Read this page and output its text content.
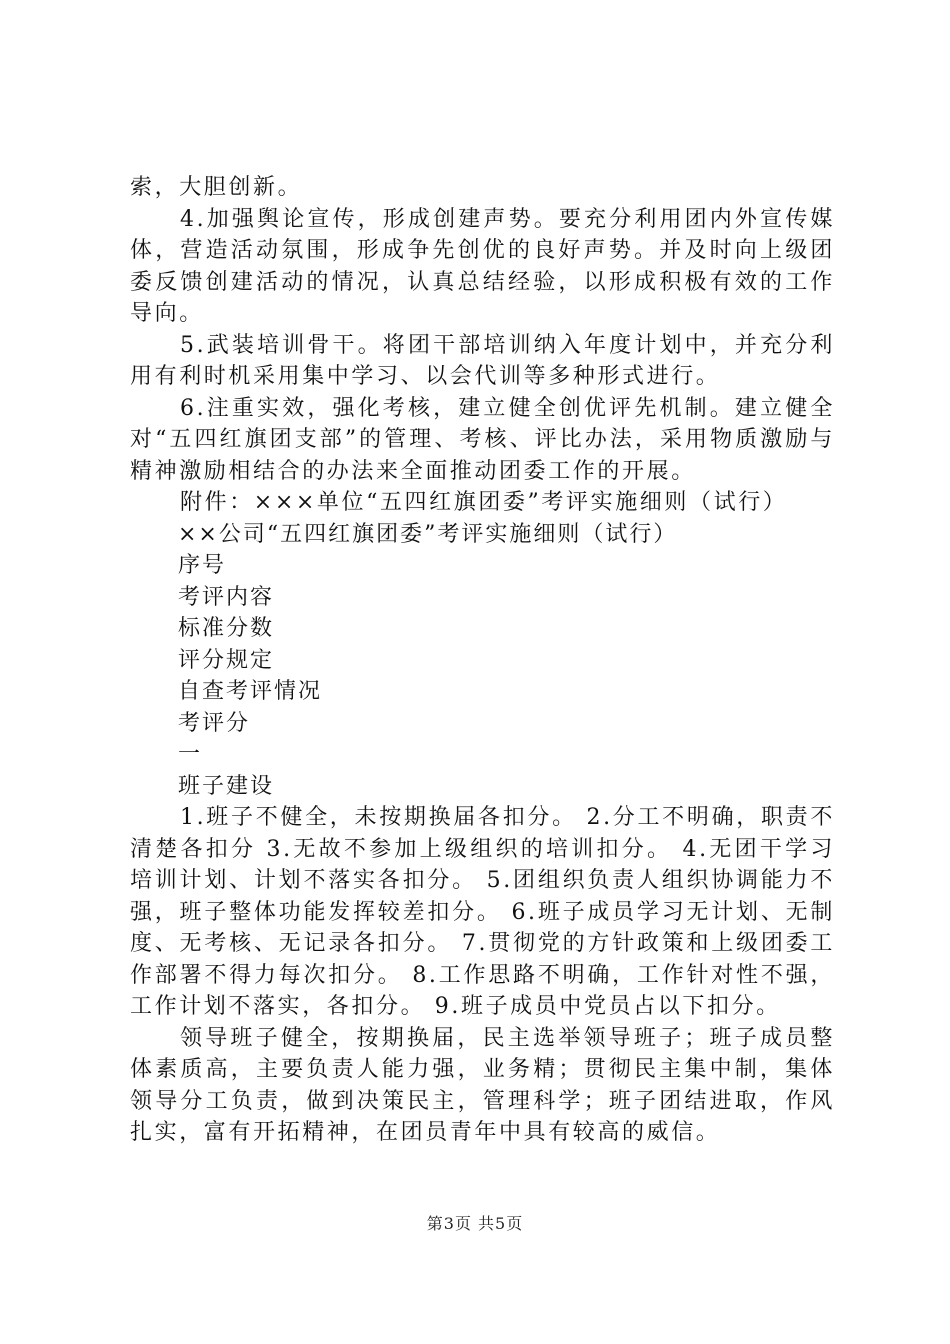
索，大胆创新。

4.加强舆论宣传，形成创建声势。要充分利用团内外宣传媒体，营造活动氛围，形成争先创优的良好声势。并及时向上级团委反馈创建活动的情况，认真总结经验，以形成积极有效的工作导向。

5.武装培训骨干。将团干部培训纳入年度计划中，并充分利用有利时机采用集中学习、以会代训等多种形式进行。

6.注重实效，强化考核，建立健全创优评先机制。建立健全对“五四红旗团支部”的管理、考核、评比办法，采用物质激励与精神激励相结合的办法来全面推动团委工作的开展。

附件：×××单位“五四红旗团委”考评实施细则（试行）

××公司“五四红旗团委”考评实施细则（试行）

序号

考评内容

标准分数

评分规定

自查考评情况

考评分

一

班子建设

1.班子不健全，未按期换届各扣分。 2.分工不明确，职责不清楚各扣分 3.无故不参加上级组织的培训扣分。 4.无团干学习培训计划、计划不落实各扣分。 5.团组织负责人组织协调能力不强，班子整体功能发挥较差扣分。 6.班子成员学习无计划、无制度、无考核、无记录各扣分。 7.贯彻党的方针政策和上级团委工作部署不得力每次扣分。 8.工作思路不明确，工作针对性不强，工作计划不落实，各扣分。 9.班子成员中党员占以下扣分。

领导班子健全，按期换届，民主选举领导班子；班子成员整体素质高，主要负责人能力强，业务精；贯彻民主集中制，集体领导分工负责，做到决策民主，管理科学；班子团结进取，作风扎实，富有开拓精神，在团员青年中具有较高的威信。

第3页 共5页
